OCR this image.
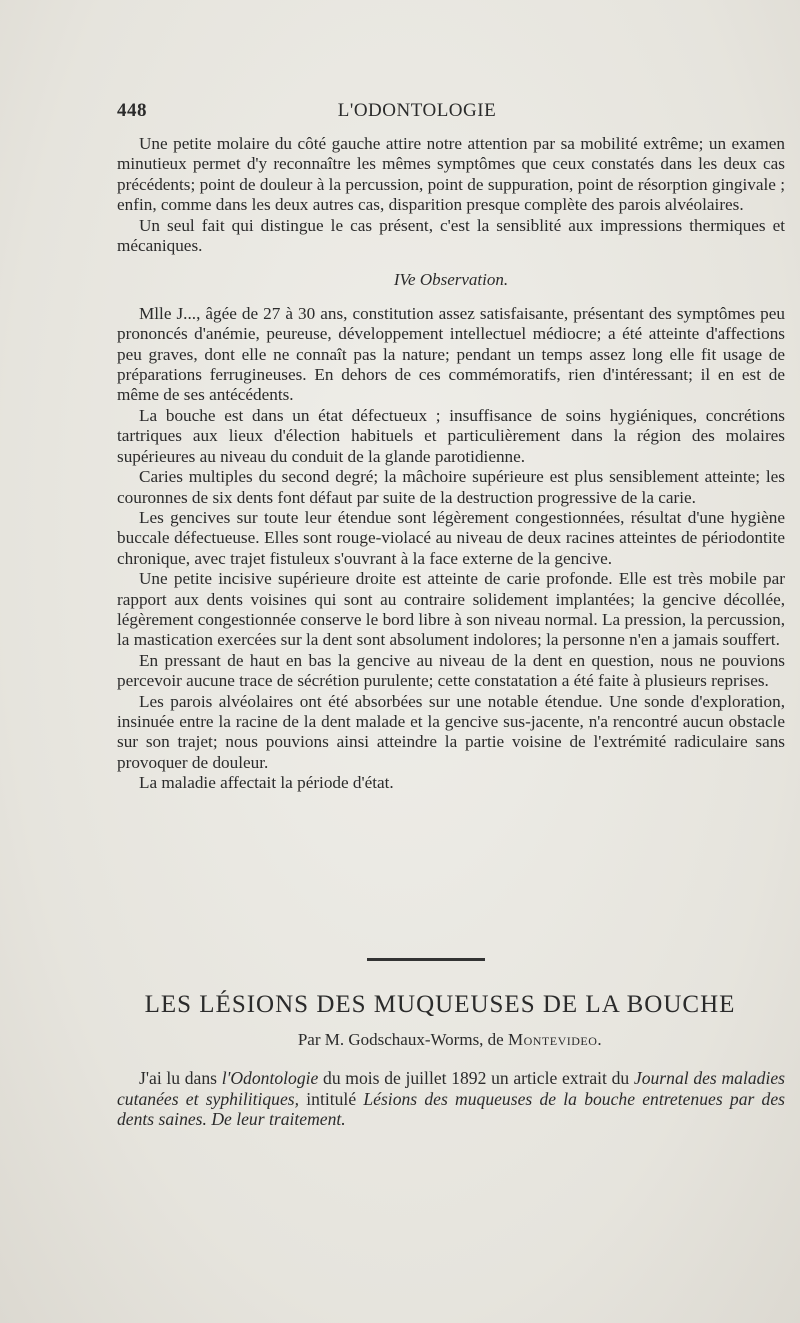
448	L'ODONTOLOGIE

Une petite molaire du côté gauche attire notre attention par sa mobilité extrême; un examen minutieux permet d'y reconnaître les mêmes symptômes que ceux constatés dans les deux cas précédents; point de douleur à la percussion, point de suppuration, point de résorption gingivale ; enfin, comme dans les deux autres cas, disparition presque complète des parois alvéolaires.

Un seul fait qui distingue le cas présent, c'est la sensiblité aux impressions thermiques et mécaniques.

IVe Observation.

Mlle J..., âgée de 27 à 30 ans, constitution assez satisfaisante, présentant des symptômes peu prononcés d'anémie, peureuse, développement intellectuel médiocre; a été atteinte d'affections peu graves, dont elle ne connaît pas la nature; pendant un temps assez long elle fit usage de préparations ferrugineuses. En dehors de ces commémoratifs, rien d'intéressant; il en est de même de ses antécédents.

La bouche est dans un état défectueux ; insuffisance de soins hygiéniques, concrétions tartriques aux lieux d'élection habituels et particulièrement dans la région des molaires supérieures au niveau du conduit de la glande parotidienne.

Caries multiples du second degré; la mâchoire supérieure est plus sensiblement atteinte; les couronnes de six dents font défaut par suite de la destruction progressive de la carie.

Les gencives sur toute leur étendue sont légèrement congestionnées, résultat d'une hygiène buccale défectueuse. Elles sont rouge-violacé au niveau de deux racines atteintes de périodontite chronique, avec trajet fistuleux s'ouvrant à la face externe de la gencive.

Une petite incisive supérieure droite est atteinte de carie profonde. Elle est très mobile par rapport aux dents voisines qui sont au contraire solidement implantées; la gencive décollée, légèrement congestionnée conserve le bord libre à son niveau normal. La pression, la percussion, la mastication exercées sur la dent sont absolument indolores; la personne n'en a jamais souffert.

En pressant de haut en bas la gencive au niveau de la dent en question, nous ne pouvions percevoir aucune trace de sécrétion purulente; cette constatation a été faite à plusieurs reprises.

Les parois alvéolaires ont été absorbées sur une notable étendue. Une sonde d'exploration, insinuée entre la racine de la dent malade et la gencive sus-jacente, n'a rencontré aucun obstacle sur son trajet; nous pouvions ainsi atteindre la partie voisine de l'extrémité radiculaire sans provoquer de douleur.

La maladie affectait la période d'état.

LES LÉSIONS DES MUQUEUSES DE LA BOUCHE
Par M. Godschaux-Worms, de Montevideo.

J'ai lu dans l'Odontologie du mois de juillet 1892 un article extrait du Journal des maladies cutanées et syphilitiques, intitulé Lésions des muqueuses de la bouche entretenues par des dents saines. De leur traitement.
